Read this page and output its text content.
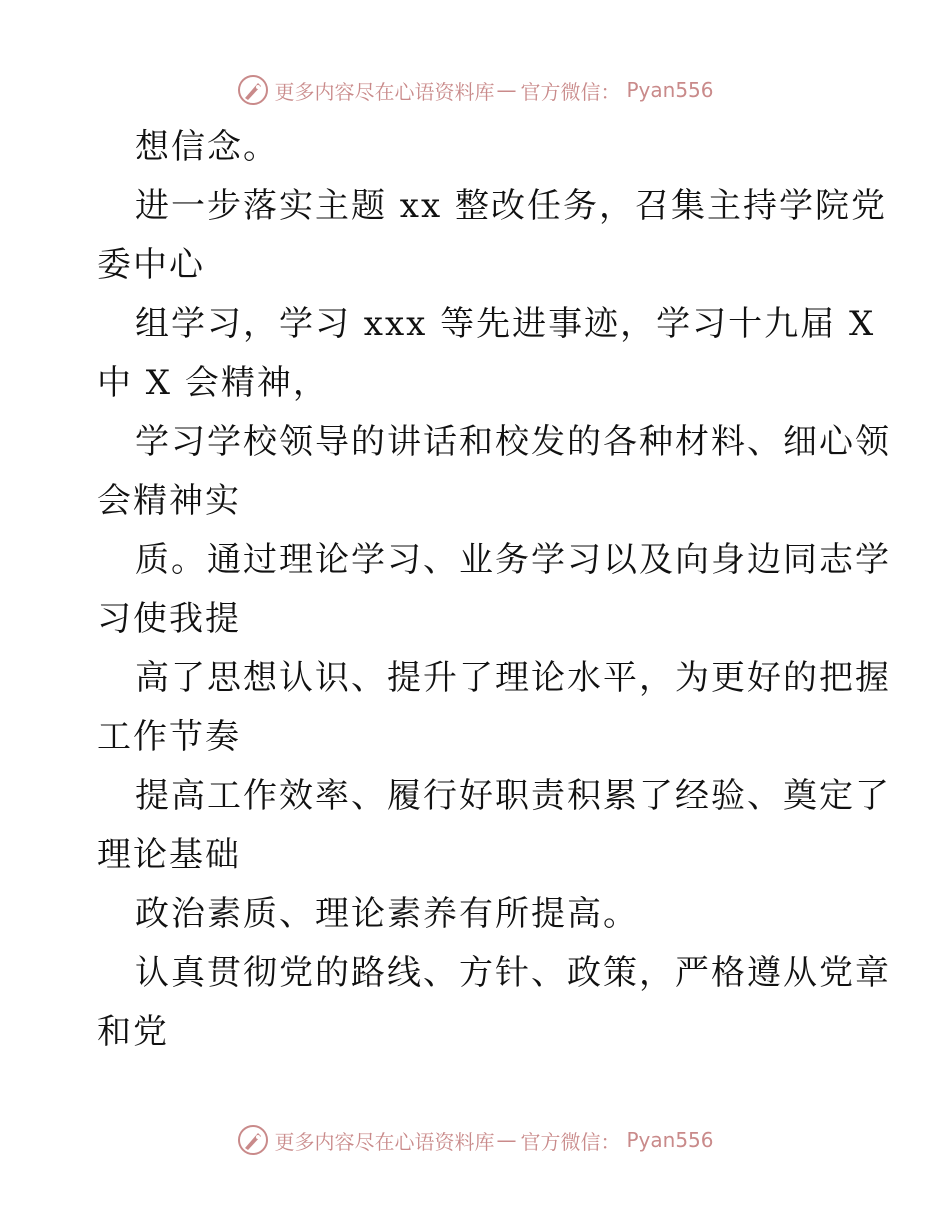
更多内容尽在心语资料库 — 官方微信： Pyan556
想信念。
进一步落实主题 xx 整改任务，召集主持学院党
委中心
组学习，学习 xxx 等先进事迹，学习十九届 X
中 X 会精神，
学习学校领导的讲话和校发的各种材料、细心领
会精神实
质。通过理论学习、业务学习以及向身边同志学
习使我提
高了思想认识、提升了理论水平，为更好的把握
工作节奏
提高工作效率、履行好职责积累了经验、奠定了
理论基础
政治素质、理论素养有所提高。
认真贯彻党的路线、方针、政策，严格遵从党章
和党
更多内容尽在心语资料库 — 官方微信： Pyan556
